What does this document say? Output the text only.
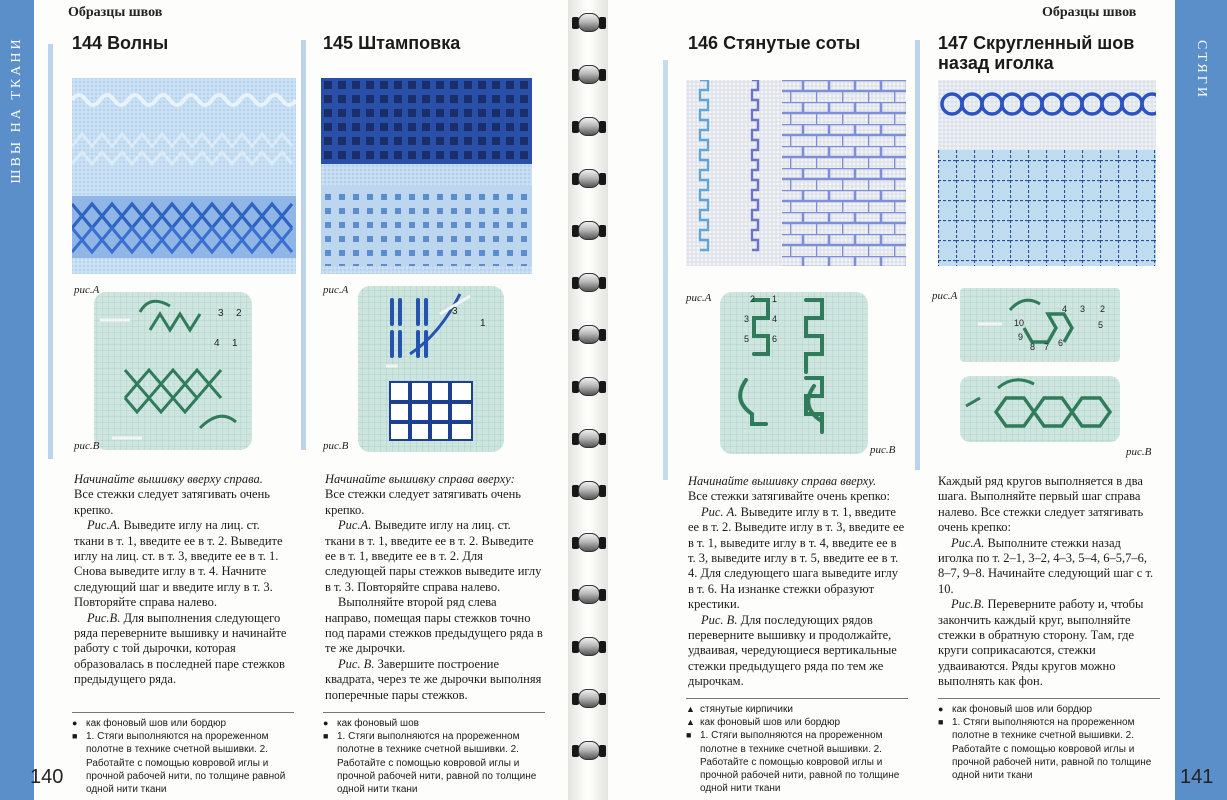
ШВЫ НА ТКАНИ
Образцы швов
144 Волны
рис.А
3 2
4 1
рис.В

Начинайте вышивку вверху справа.

Все стежки следует затягивать очень крепко.

Рис.А. Выведите иглу на лиц. ст. ткани в т. 1, введите ее в т. 2. Выведите иглу на лиц. ст. в т. 3, введите ее в т. 1. Снова выведите иглу в т. 4. Начните следующий шаг и введите иглу в т. 3. Повторяйте справа налево.

Рис.В. Для выполнения следующего ряда переверните вышивку и начинайте работу с той дырочки, которая образовалась в последней паре стежков предыдущего ряда.

● как фоновый шов или бордюр
■ 1. Стяги выполняются на прореженном полотне в технике счетной вышивки. 2. Работайте с помощью ковровой иглы и прочной рабочей нити, по толщине равной одной нити ткани
145 Штамповка
рис.А
3
1
рис.В

Начинайте вышивку справа вверху:

Все стежки следует затягивать очень крепко.

Рис.А. Выведите иглу на лиц. ст. ткани в т. 1, введите ее в т. 2. Выведите ее в т. 1, введите ее в т. 2. Для следующей пары стежков выведите иглу в т. 3. Повторяйте справа налево.

Выполняйте второй ряд слева направо, помещая пары стежков точно под парами стежков предыдущего ряда в те же дырочки.

Рис. В. Завершите построение квадрата, через те же дырочки выполняя поперечные пары стежков.

● как фоновый шов
■ 1. Стяги выполняются на прореженном полотне в технике счетной вышивки. 2. Работайте с помощью ковровой иглы и прочной рабочей нити, равной по толщине одной нити ткани
140
Образцы швов
СТЯГИ
146 Стянутые соты
рис.А	2 1
3	4
5	6
рис.В

Начинайте вышивку справа вверху.

Все стежки затягивайте очень крепко:

Рис. А. Выведите иглу в т. 1, введите ее в т. 2. Выведите иглу в т. 3, введите ее в т. 1, выведите иглу в т. 4, введите ее в т. 3, выведите иглу в т. 5, введите ее в т. 4. Для следующего шага выведите иглу в т. 6. На изнанке стежки образуют крестики.

Рис. В. Для последующих рядов переверните вышивку и продолжайте, удваивая, чередующиеся вертикальные стежки предыдущего ряда по тем же дырочкам.

▲ стянутые кирпичики
▲ как фоновый шов или бордюр
■ 1. Стяги выполняются на прореженном полотне в технике счетной вышивки. 2. Работайте с помощью ковровой иглы и прочной рабочей нити, равной по толщине одной нити ткани
147 Скругленный шов назад иголка
рис.А
4 3 2
10
9
8 7 6
5
рис.В

Каждый ряд кругов выполняется в два шага. Выполняйте первый шаг справа налево. Все стежки следует затягивать очень крепко:

Рис.А. Выполните стежки назад иголка по т. 2–1, 3–2, 4–3, 5–4, 6–5,7–6, 8–7, 9–8. Начинайте следующий шаг с т. 10.

Рис.В. Переверните работу и, чтобы закончить каждый круг, выполняйте стежки в обратную сторону. Там, где круги соприкасаются, стежки удваиваются. Ряды кругов можно выполнять как фон.

● как фоновый шов или бордюр
■ 1. Стяги выполняются на прореженном полотне в технике счетной вышивки. 2. Работайте с помощью ковровой иглы и прочной рабочей нити, равной по толщине одной нити ткани	141
